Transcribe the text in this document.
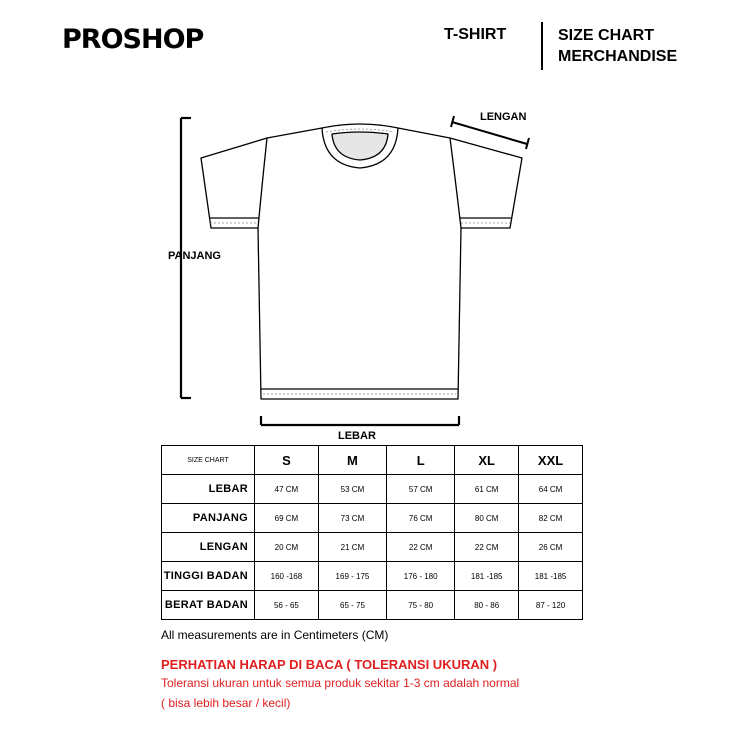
PROSHOP	T-SHIRT	SIZE CHART
MERCHANDISE
LENGAN
PANJANG
LEBAR
SIZE CHART	S	M	L	XL	XXL
LEBAR	47 CM	53 CM	57 CM	61 CM	64 CM
PANJANG	69 CM	73 CM	76 CM	80 CM	82 CM
LENGAN	20 CM	21 CM	22 CM	22 CM	26 CM
TINGGI BADAN	160 -168	169 - 175	176 - 180	181 -185	181 -185
BERAT BADAN	56 - 65	65 - 75	75 - 80	80 - 86	87 - 120
All measurements are in Centimeters (CM)
PERHATIAN HARAP DI BACA ( TOLERANSI UKURAN )
Toleransi ukuran untuk semua produk sekitar 1-3 cm adalah normal
( bisa lebih besar / kecil)
